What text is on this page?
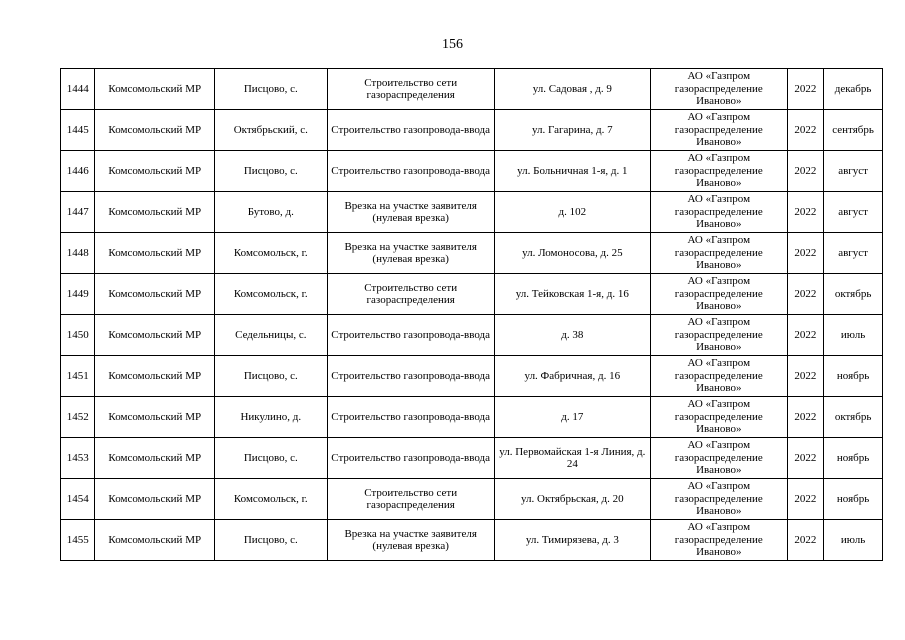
156
1444	Комсомольский МР	Писцово, с.	Строительство сети газораспределения	ул. Садовая , д. 9	АО «Газпром газораспределение Иваново»	2022	декабрь
1445	Комсомольский МР	Октябрьский, с.	Строительство газопровода-ввода	ул. Гагарина, д. 7	АО «Газпром газораспределение Иваново»	2022	сентябрь
1446	Комсомольский МР	Писцово, с.	Строительство газопровода-ввода	ул. Больничная 1-я, д. 1	АО «Газпром газораспределение Иваново»	2022	август
1447	Комсомольский МР	Бутово, д.	Врезка на участке заявителя (нулевая врезка)	д. 102	АО «Газпром газораспределение Иваново»	2022	август
1448	Комсомольский МР	Комсомольск, г.	Врезка на участке заявителя (нулевая врезка)	ул. Ломоносова, д. 25	АО «Газпром газораспределение Иваново»	2022	август
1449	Комсомольский МР	Комсомольск, г.	Строительство сети газораспределения	ул. Тейковская 1-я, д. 16	АО «Газпром газораспределение Иваново»	2022	октябрь
1450	Комсомольский МР	Седельницы, с.	Строительство газопровода-ввода	д. 38	АО «Газпром газораспределение Иваново»	2022	июль
1451	Комсомольский МР	Писцово, с.	Строительство газопровода-ввода	ул. Фабричная, д. 16	АО «Газпром газораспределение Иваново»	2022	ноябрь
1452	Комсомольский МР	Никулино, д.	Строительство газопровода-ввода	д. 17	АО «Газпром газораспределение Иваново»	2022	октябрь
1453	Комсомольский МР	Писцово, с.	Строительство газопровода-ввода	ул. Первомайская 1-я Линия, д. 24	АО «Газпром газораспределение Иваново»	2022	ноябрь
1454	Комсомольский МР	Комсомольск, г.	Строительство сети газораспределения	ул. Октябрьская, д. 20	АО «Газпром газораспределение Иваново»	2022	ноябрь
1455	Комсомольский МР	Писцово, с.	Врезка на участке заявителя (нулевая врезка)	ул. Тимирязева, д. 3	АО «Газпром газораспределение Иваново»	2022	июль
